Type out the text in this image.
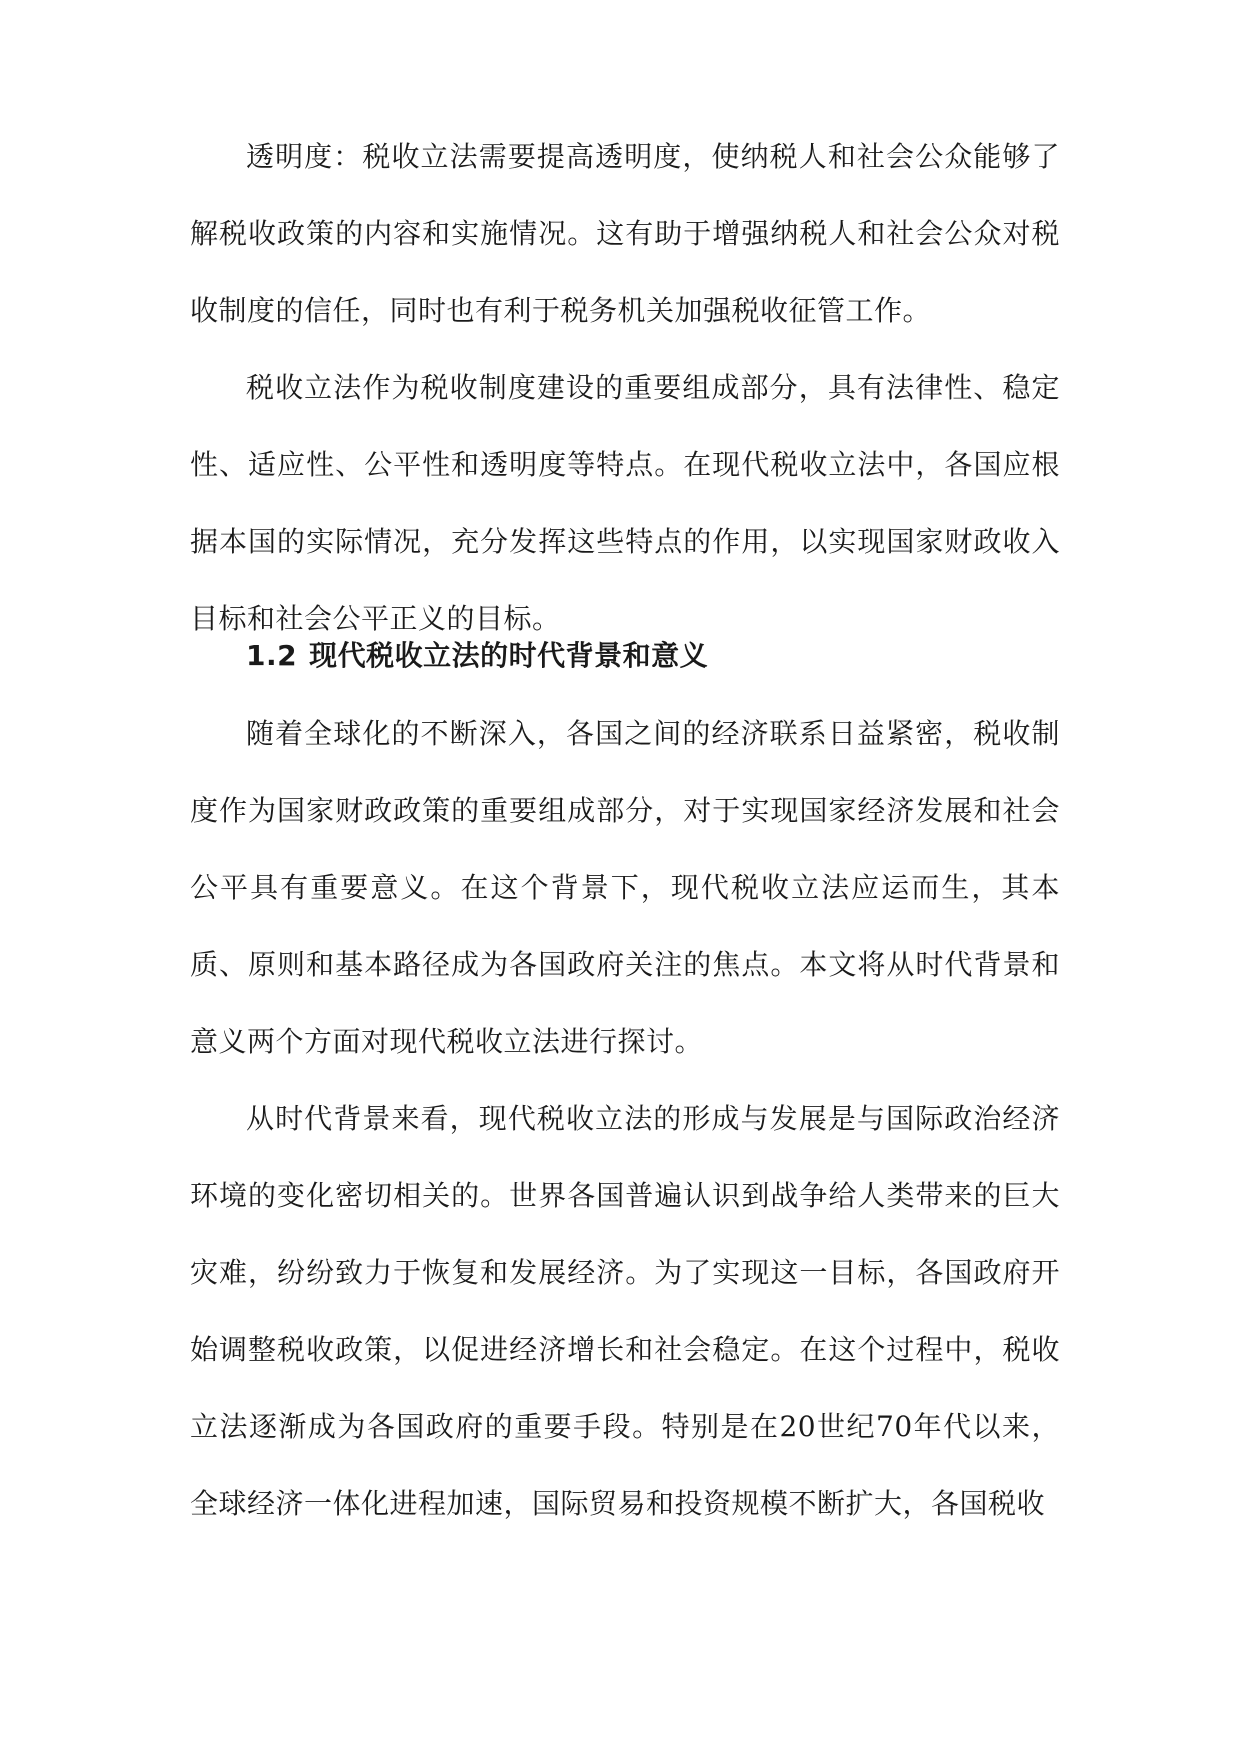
透明度：税收立法需要提高透明度，使纳税人和社会公众能够了解税收政策的内容和实施情况。这有助于增强纳税人和社会公众对税收制度的信任，同时也有利于税务机关加强税收征管工作。

税收立法作为税收制度建设的重要组成部分，具有法律性、稳定性、适应性、公平性和透明度等特点。在现代税收立法中，各国应根据本国的实际情况，充分发挥这些特点的作用，以实现国家财政收入目标和社会公平正义的目标。

1.2 现代税收立法的时代背景和意义

随着全球化的不断深入，各国之间的经济联系日益紧密，税收制度作为国家财政政策的重要组成部分，对于实现国家经济发展和社会公平具有重要意义。在这个背景下，现代税收立法应运而生，其本质、原则和基本路径成为各国政府关注的焦点。本文将从时代背景和意义两个方面对现代税收立法进行探讨。

从时代背景来看，现代税收立法的形成与发展是与国际政治经济环境的变化密切相关的。世界各国普遍认识到战争给人类带来的巨大灾难，纷纷致力于恢复和发展经济。为了实现这一目标，各国政府开始调整税收政策，以促进经济增长和社会稳定。在这个过程中，税收立法逐渐成为各国政府的重要手段。特别是在20世纪70年代以来，全球经济一体化进程加速，国际贸易和投资规模不断扩大，各国税收
